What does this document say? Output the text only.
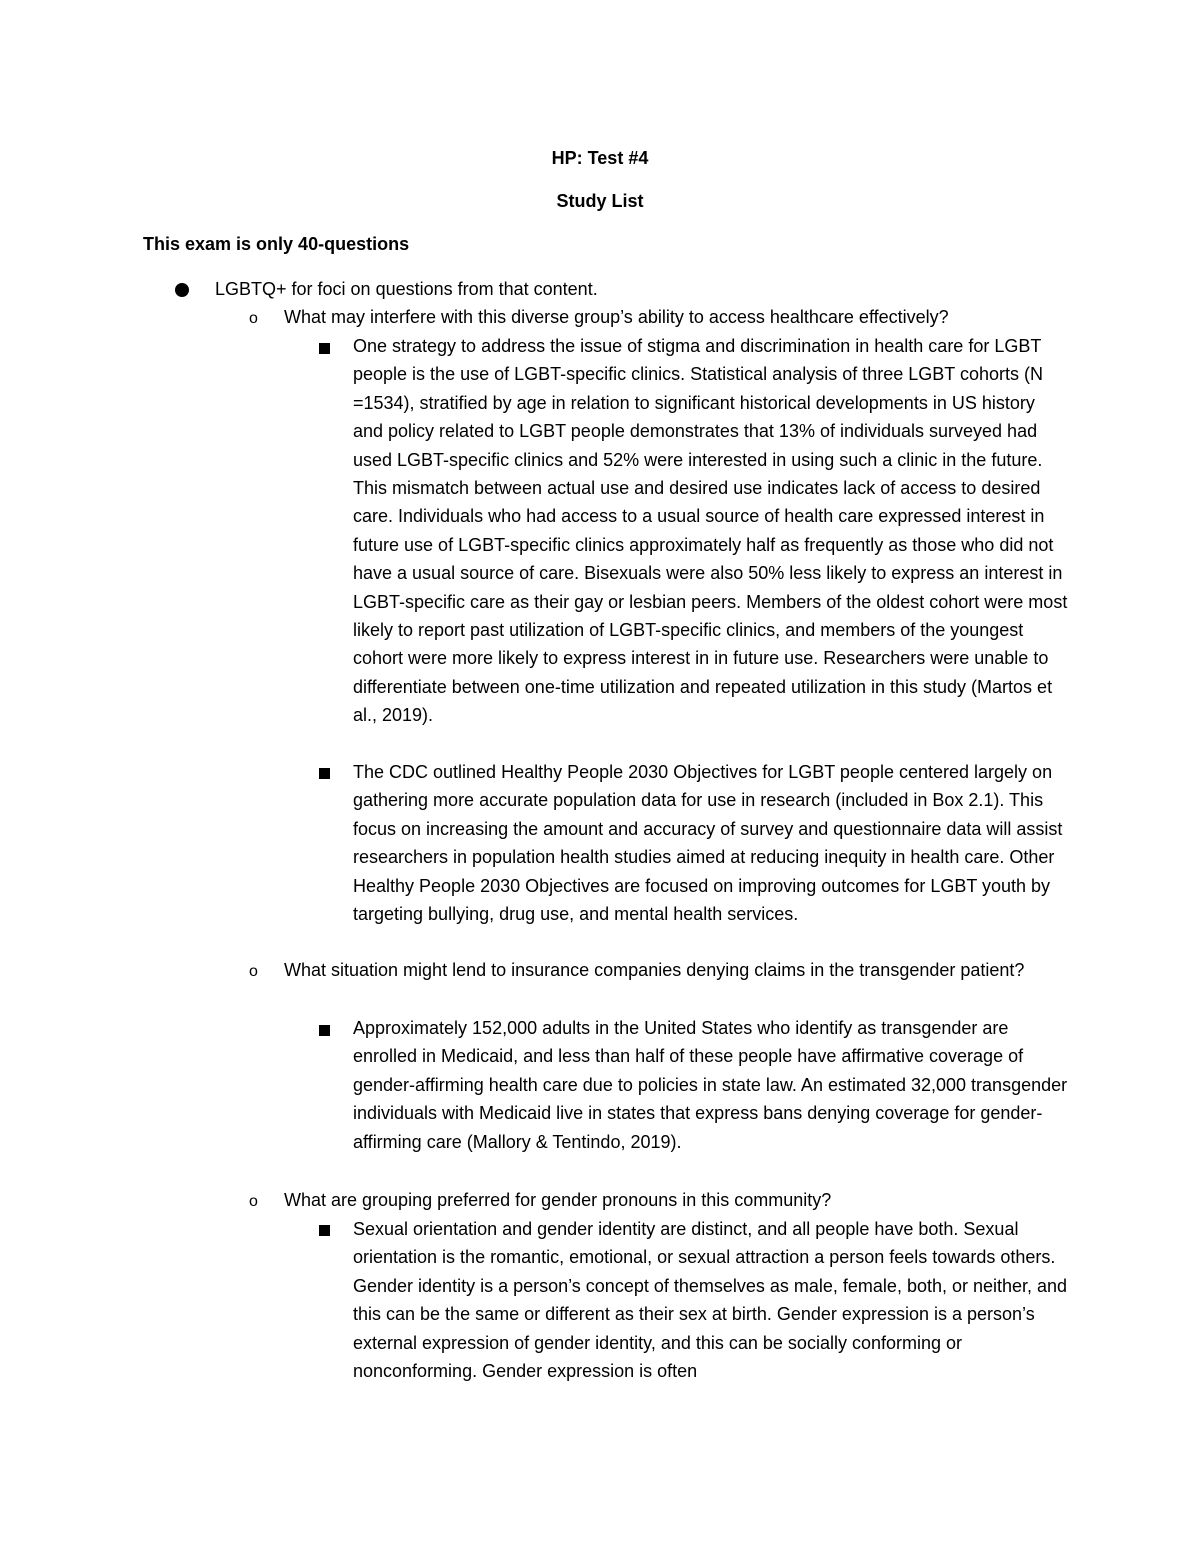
HP: Test #4
Study List
This exam is only 40-questions
LGBTQ+ for foci on questions from that content.
o What may interfere with this diverse group’s ability to access healthcare effectively?
One strategy to address the issue of stigma and discrimination in health care for LGBT people is the use of LGBT-specific clinics. Statistical analysis of three LGBT cohorts (N =1534), stratified by age in relation to significant historical developments in US history and policy related to LGBT people demonstrates that 13% of individuals surveyed had used LGBT-specific clinics and 52% were interested in using such a clinic in the future. This mismatch between actual use and desired use indicates lack of access to desired care. Individuals who had access to a usual source of health care expressed interest in future use of LGBT-specific clinics approximately half as frequently as those who did not have a usual source of care. Bisexuals were also 50% less likely to express an interest in LGBT-specific care as their gay or lesbian peers. Members of the oldest cohort were most likely to report past utilization of LGBT-specific clinics, and members of the youngest cohort were more likely to express interest in in future use. Researchers were unable to differentiate between one-time utilization and repeated utilization in this study (Martos et al., 2019).
The CDC outlined Healthy People 2030 Objectives for LGBT people centered largely on gathering more accurate population data for use in research (included in Box 2.1). This focus on increasing the amount and accuracy of survey and questionnaire data will assist researchers in population health studies aimed at reducing inequity in health care. Other Healthy People 2030 Objectives are focused on improving outcomes for LGBT youth by targeting bullying, drug use, and mental health services.
o What situation might lend to insurance companies denying claims in the transgender patient?
Approximately 152,000 adults in the United States who identify as transgender are enrolled in Medicaid, and less than half of these people have affirmative coverage of gender-affirming health care due to policies in state law. An estimated 32,000 transgender individuals with Medicaid live in states that express bans denying coverage for gender-affirming care (Mallory & Tentindo, 2019).
o What are grouping preferred for gender pronouns in this community?
Sexual orientation and gender identity are distinct, and all people have both. Sexual orientation is the romantic, emotional, or sexual attraction a person feels towards others. Gender identity is a person’s concept of themselves as male, female, both, or neither, and this can be the same or different as their sex at birth. Gender expression is a person’s external expression of gender identity, and this can be socially conforming or nonconforming. Gender expression is often
